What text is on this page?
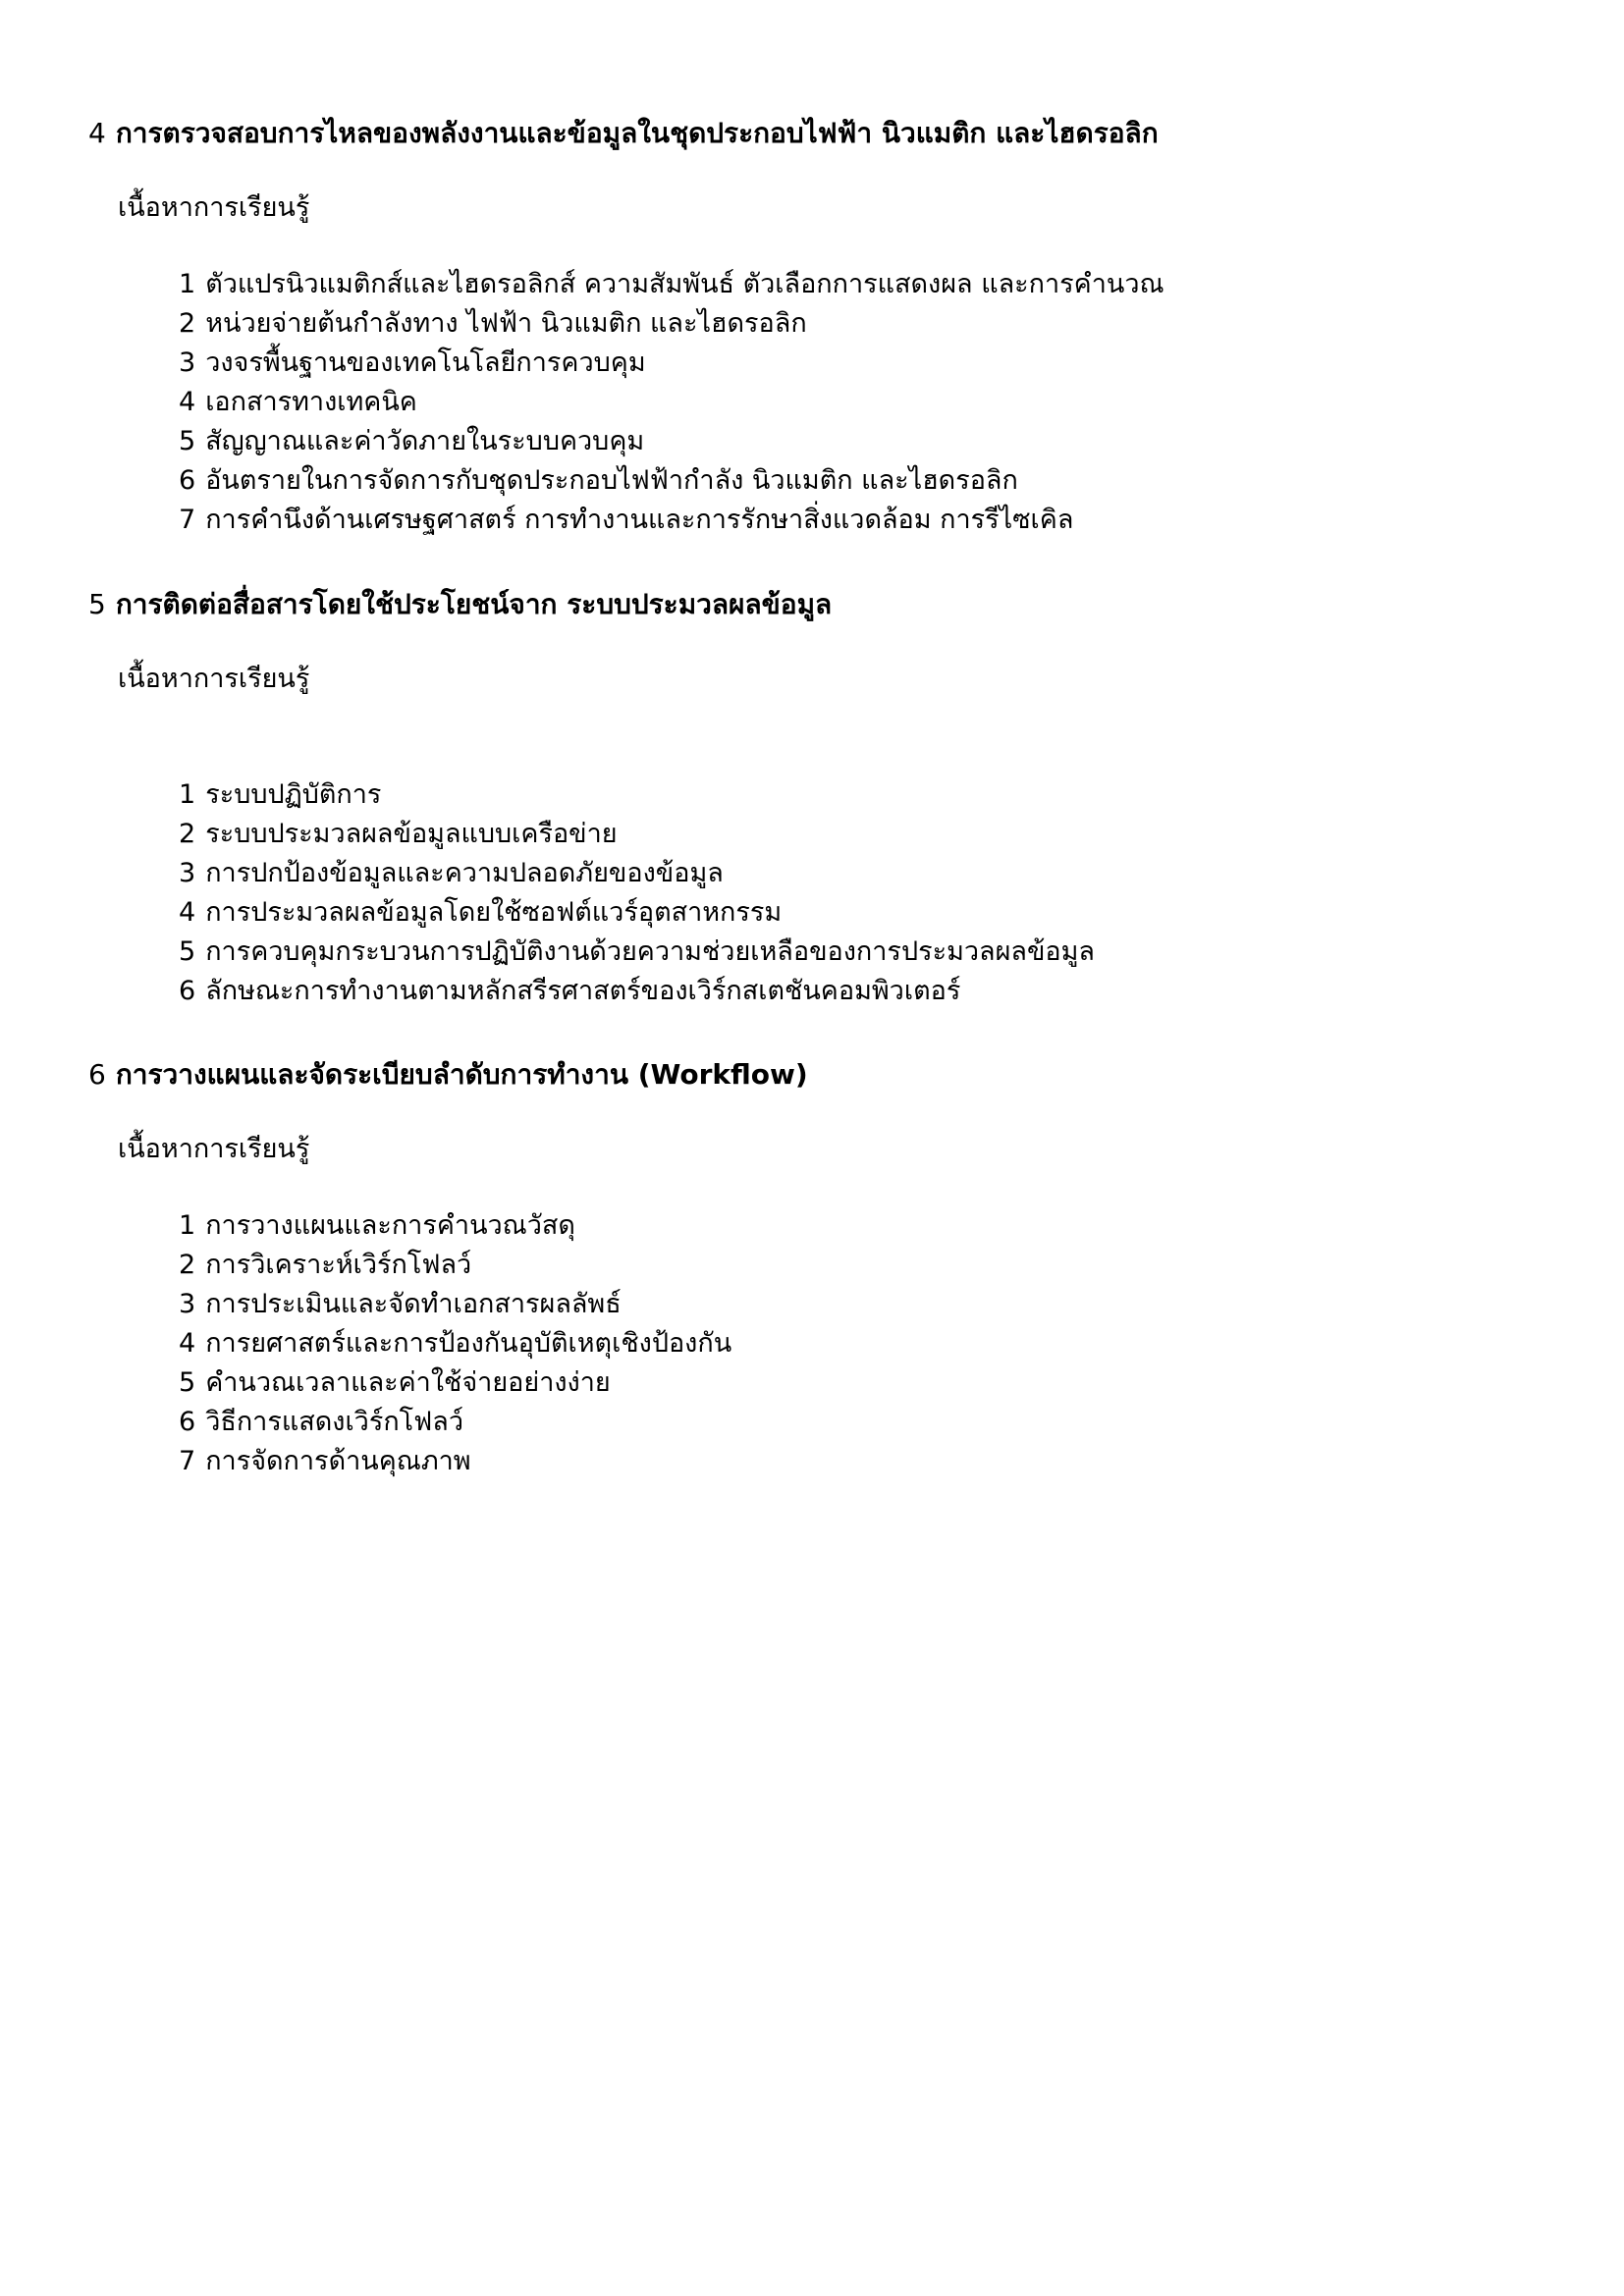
4 การตรวจสอบการไหลของพลังงานและข้อมูลในชุดประกอบไฟฟ้า นิวแมติก และไฮดรอลิก
เนื้อหาการเรียนรู้
1 ตัวแปรนิวแมติกส์และไฮดรอลิกส์ ความสัมพันธ์ ตัวเลือกการแสดงผล และการคำนวณ
2 หน่วยจ่ายต้นกำลังทาง ไฟฟ้า นิวแมติก และไฮดรอลิก
3 วงจรพื้นฐานของเทคโนโลยีการควบคุม
4 เอกสารทางเทคนิค
5 สัญญาณและค่าวัดภายในระบบควบคุม
6 อันตรายในการจัดการกับชุดประกอบไฟฟ้ากำลัง นิวแมติก และไฮดรอลิก
7 การคำนึงด้านเศรษฐศาสตร์ การทำงานและการรักษาสิ่งแวดล้อม การรีไซเคิล
5 การติดต่อสื่อสารโดยใช้ประโยชน์จาก ระบบประมวลผลข้อมูล
เนื้อหาการเรียนรู้
1 ระบบปฏิบัติการ
2 ระบบประมวลผลข้อมูลแบบเครือข่าย
3 การปกป้องข้อมูลและความปลอดภัยของข้อมูล
4 การประมวลผลข้อมูลโดยใช้ซอฟต์แวร์อุตสาหกรรม
5 การควบคุมกระบวนการปฏิบัติงานด้วยความช่วยเหลือของการประมวลผลข้อมูล
6 ลักษณะการทำงานตามหลักสรีรศาสตร์ของเวิร์กสเตชันคอมพิวเตอร์
6 การวางแผนและจัดระเบียบลำดับการทำงาน (Workflow)
เนื้อหาการเรียนรู้
1 การวางแผนและการคำนวณวัสดุ
2 การวิเคราะห์เวิร์กโฟลว์
3 การประเมินและจัดทำเอกสารผลลัพธ์
4 การยศาสตร์และการป้องกันอุบัติเหตุเชิงป้องกัน
5 คำนวณเวลาและค่าใช้จ่ายอย่างง่าย
6 วิธีการแสดงเวิร์กโฟลว์
7 การจัดการด้านคุณภาพ
